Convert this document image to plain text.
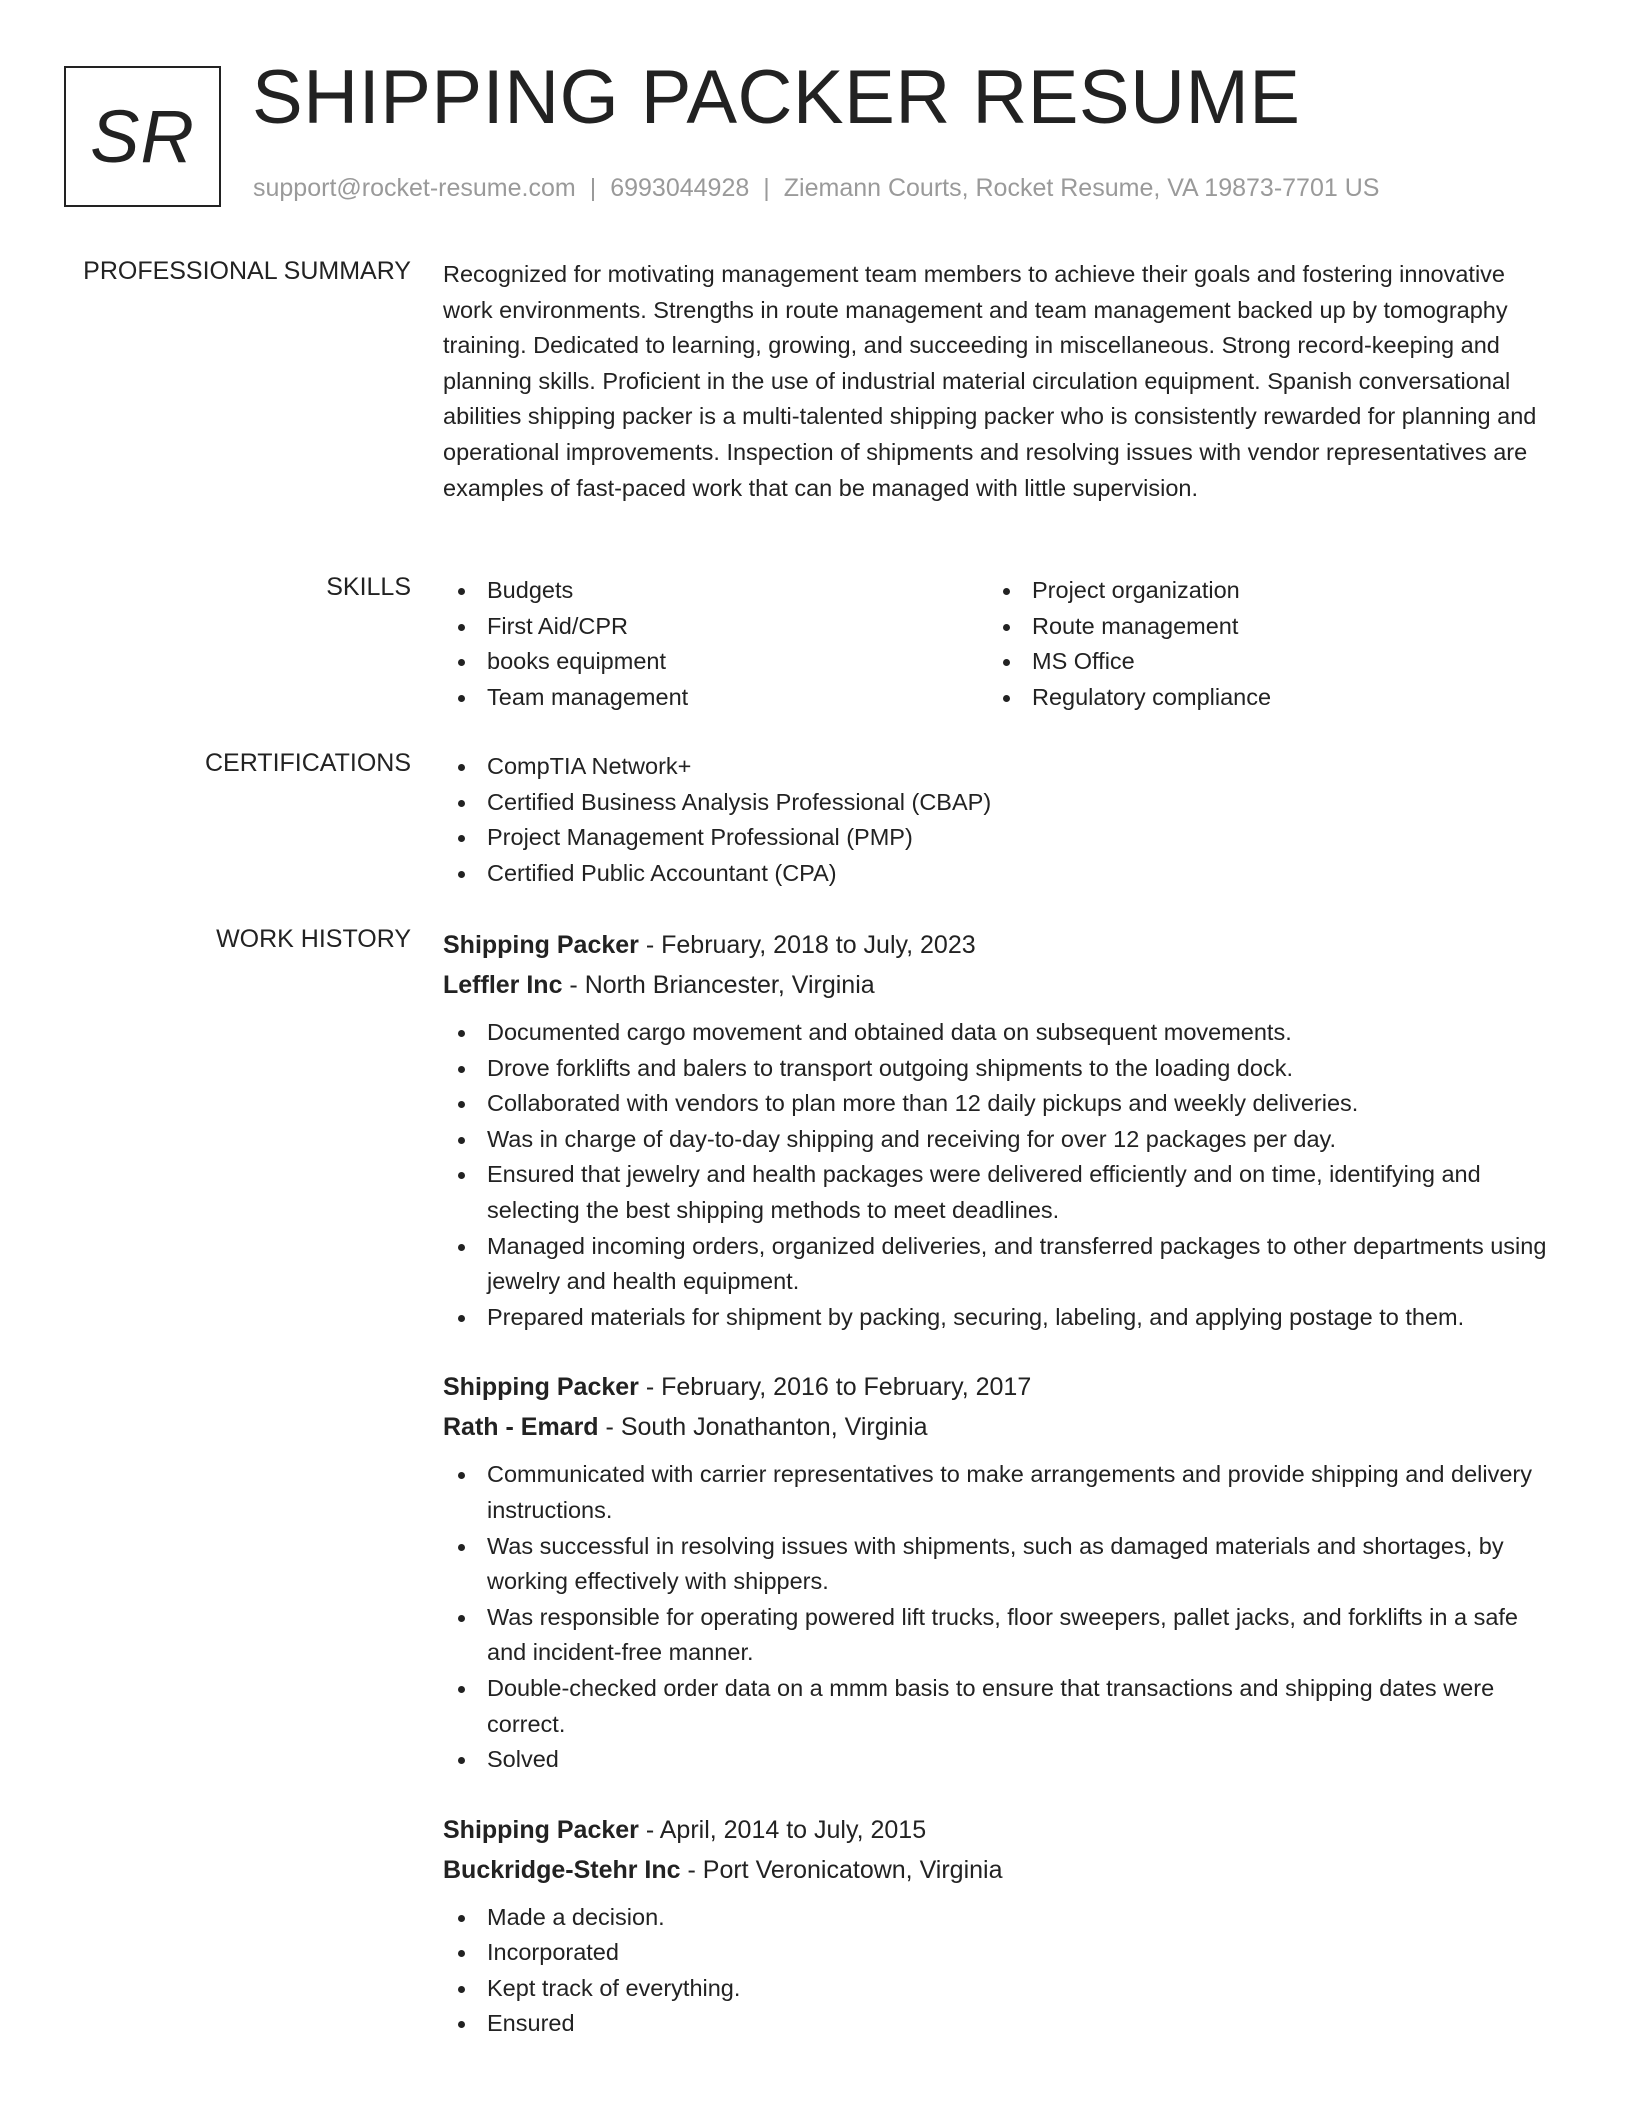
SR SHIPPING PACKER RESUME
support@rocket-resume.com | 6993044928 | Ziemann Courts, Rocket Resume, VA 19873-7701 US
PROFESSIONAL SUMMARY Recognized for motivating management team members to achieve their goals and fostering innovative work environments. Strengths in route management and team management backed up by tomography training. Dedicated to learning, growing, and succeeding in miscellaneous. Strong record-keeping and planning skills. Proficient in the use of industrial material circulation equipment. Spanish conversational abilities shipping packer is a multi-talented shipping packer who is consistently rewarded for planning and operational improvements. Inspection of shipments and resolving issues with vendor representatives are examples of fast-paced work that can be managed with little supervision.
SKILLS	Budgets
First Aid/CPR
books equipment
Team management
Project organization
Route management
MS Office
Regulatory compliance
CERTIFICATIONS	CompTIA Network+
Certified Business Analysis Professional (CBAP)
Project Management Professional (PMP)
Certified Public Accountant (CPA)
WORK HISTORY Shipping Packer - February, 2018 to July, 2023
Leffler Inc - North Briancester, Virginia
Documented cargo movement and obtained data on subsequent movements.
Drove forklifts and balers to transport outgoing shipments to the loading dock.
Collaborated with vendors to plan more than 12 daily pickups and weekly deliveries.
Was in charge of day-to-day shipping and receiving for over 12 packages per day.
Ensured that jewelry and health packages were delivered efficiently and on time, identifying and selecting the best shipping methods to meet deadlines.
Managed incoming orders, organized deliveries, and transferred packages to other departments using jewelry and health equipment.
Prepared materials for shipment by packing, securing, labeling, and applying postage to them.
Shipping Packer - February, 2016 to February, 2017
Rath - Emard - South Jonathanton, Virginia
Communicated with carrier representatives to make arrangements and provide shipping and delivery instructions.
Was successful in resolving issues with shipments, such as damaged materials and shortages, by working effectively with shippers.
Was responsible for operating powered lift trucks, floor sweepers, pallet jacks, and forklifts in a safe and incident-free manner.
Double-checked order data on a mmm basis to ensure that transactions and shipping dates were correct.
Solved
Shipping Packer - April, 2014 to July, 2015
Buckridge-Stehr Inc - Port Veronicatown, Virginia
Made a decision.
Incorporated
Kept track of everything.
Ensured
